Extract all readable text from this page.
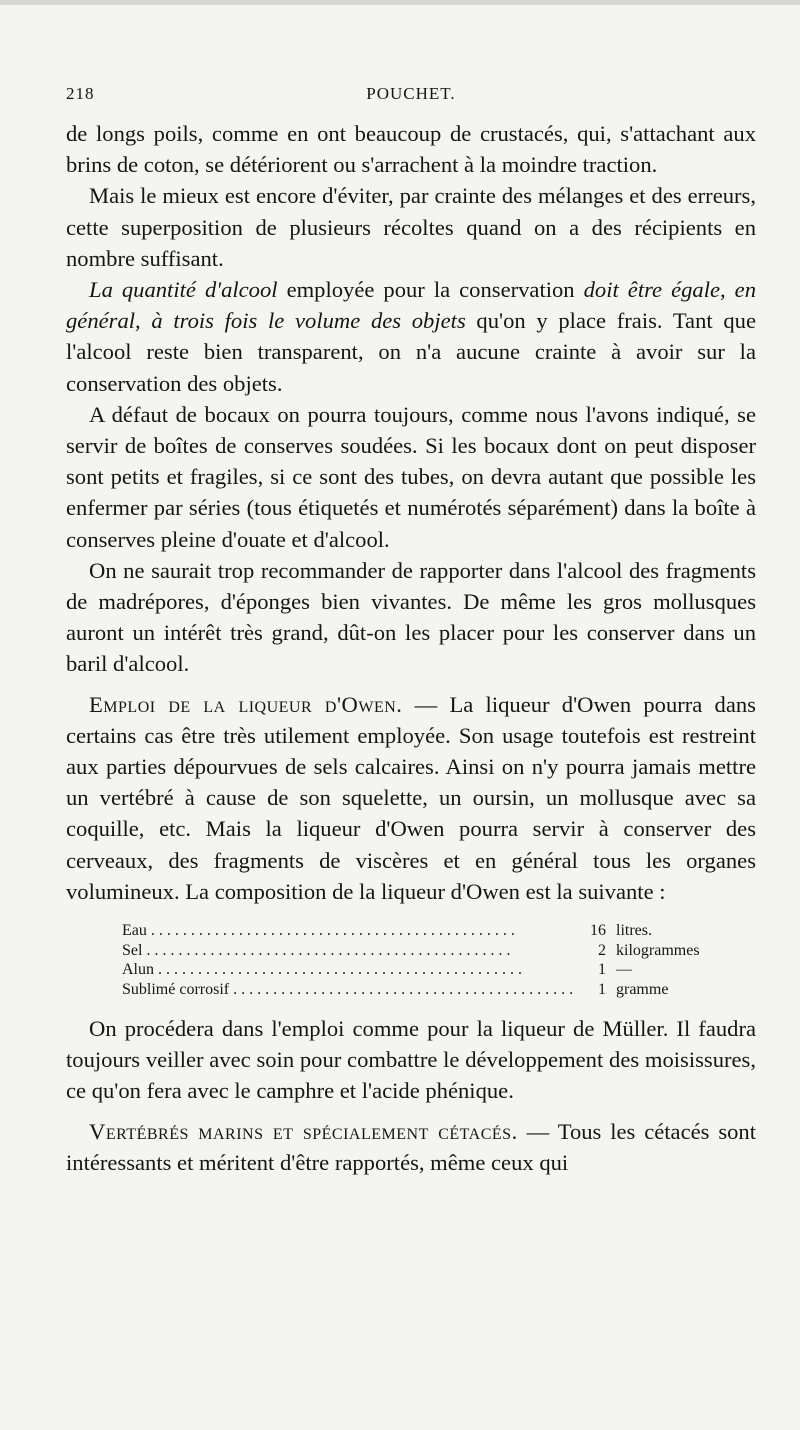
218	POUCHET.

de longs poils, comme en ont beaucoup de crustacés, qui, s'attachant aux brins de coton, se détériorent ou s'arrachent à la moindre traction.

Mais le mieux est encore d'éviter, par crainte des mélanges et des erreurs, cette superposition de plusieurs récoltes quand on a des récipients en nombre suffisant.

La quantité d'alcool employée pour la conservation doit être égale, en général, à trois fois le volume des objets qu'on y place frais. Tant que l'alcool reste bien transparent, on n'a aucune crainte à avoir sur la conservation des objets.

A défaut de bocaux on pourra toujours, comme nous l'avons indiqué, se servir de boîtes de conserves soudées. Si les bocaux dont on peut disposer sont petits et fragiles, si ce sont des tubes, on devra autant que possible les enfermer par séries (tous étiquetés et numérotés séparément) dans la boîte à conserves pleine d'ouate et d'alcool.

On ne saurait trop recommander de rapporter dans l'alcool des fragments de madrépores, d'éponges bien vivantes. De même les gros mollusques auront un intérêt très grand, dût-on les placer pour les conserver dans un baril d'alcool.

Emploi de la liqueur d'Owen. — La liqueur d'Owen pourra dans certains cas être très utilement employée. Son usage toutefois est restreint aux parties dépourvues de sels calcaires. Ainsi on n'y pourra jamais mettre un vertébré à cause de son squelette, un oursin, un mollusque avec sa coquille, etc. Mais la liqueur d'Owen pourra servir à conserver des cerveaux, des fragments de viscères et en général tous les organes volumineux. La composition de la liqueur d'Owen est la suivante :

Eau . . .	16 litres.
Sel . . .	2 kilogrammes
Alun . . .	1 —
Sublimé corrosif . . .	1 gramme

On procédera dans l'emploi comme pour la liqueur de Müller. Il faudra toujours veiller avec soin pour combattre le développement des moisissures, ce qu'on fera avec le camphre et l'acide phénique.

Vertébrés marins et spécialement cétacés. — Tous les cétacés sont intéressants et méritent d'être rapportés, même ceux qui
